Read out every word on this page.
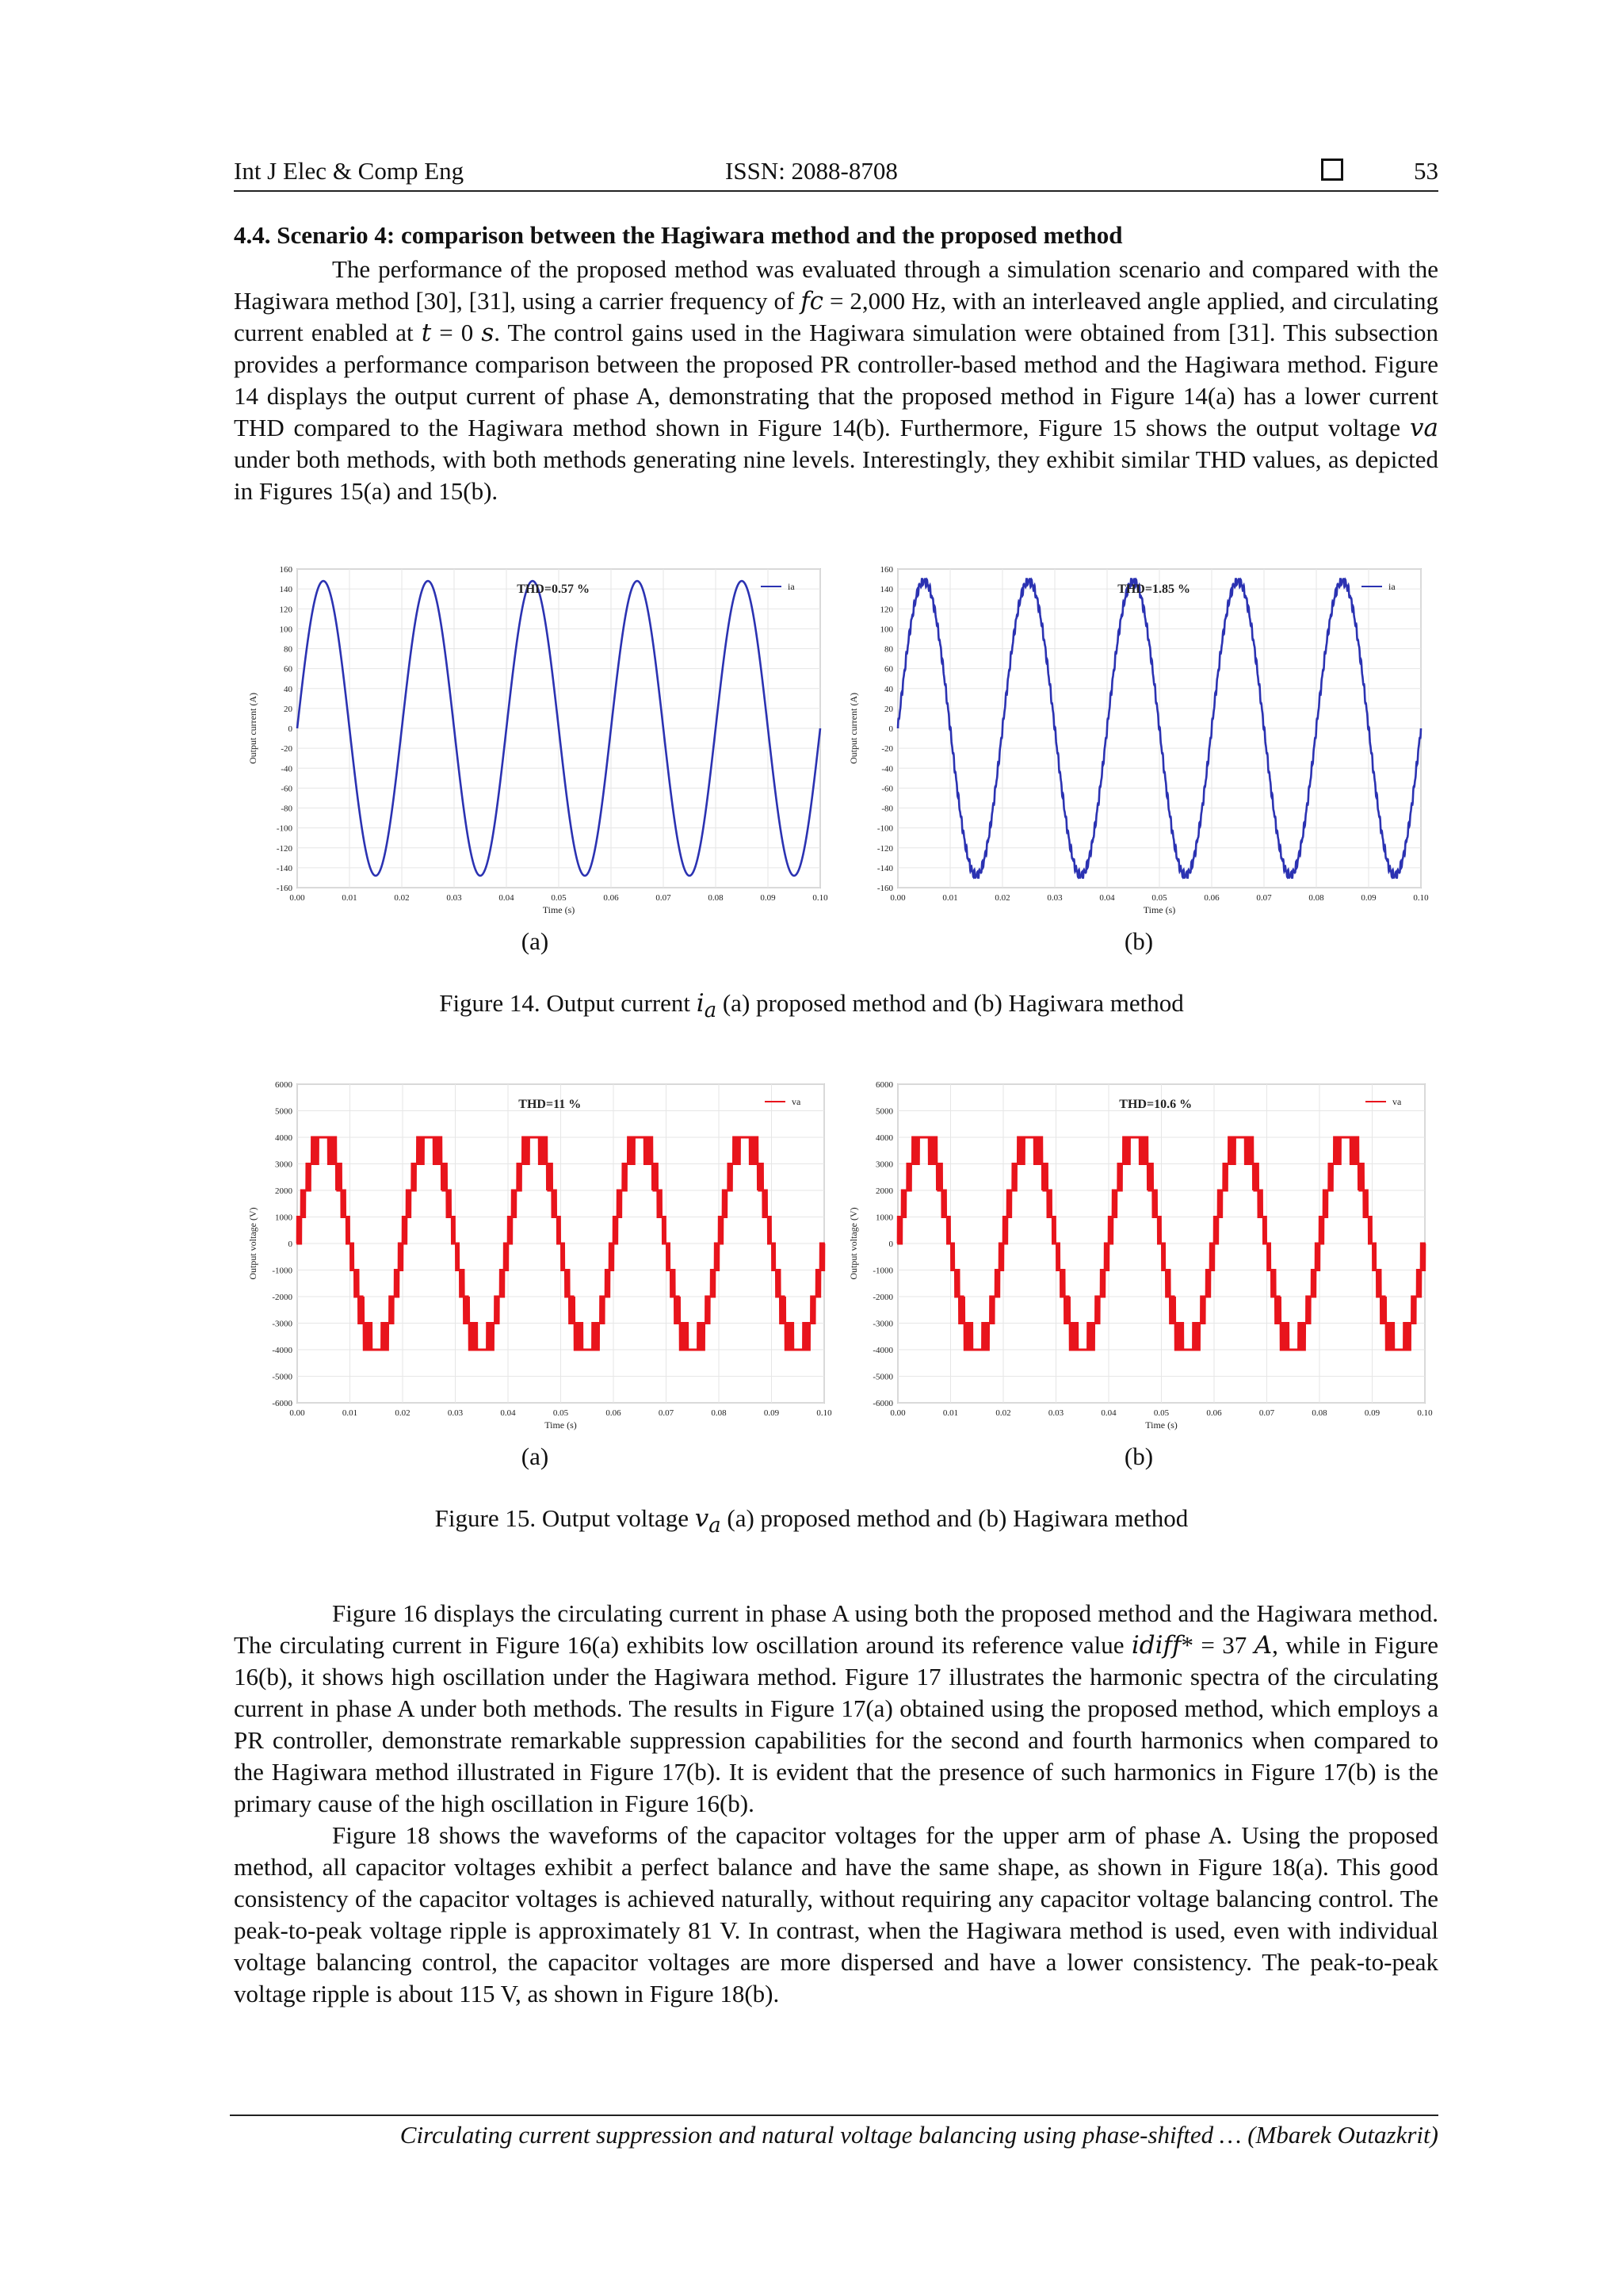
Int J Elec & Comp Eng	ISSN: 2088-8708	53
4.4. Scenario 4: comparison between the Hagiwara method and the proposed method

The performance of the proposed method was evaluated through a simulation scenario and compared with the Hagiwara method [30], [31], using a carrier frequency of 𝑓𝑐 = 2,000 Hz, with an interleaved angle applied, and circulating current enabled at 𝑡 = 0 𝑠. The control gains used in the Hagiwara simulation were obtained from [31]. This subsection provides a performance comparison between the proposed PR controller-based method and the Hagiwara method. Figure 14 displays the output current of phase A, demonstrating that the proposed method in Figure 14(a) has a lower current THD compared to the Hagiwara method shown in Figure 14(b). Furthermore, Figure 15 shows the output voltage 𝑣𝑎 under both methods, with both methods generating nine levels. Interestingly, they exhibit similar THD values, as depicted in Figures 15(a) and 15(b).

160
140
120
100
80
60
40
20
0
-20
-40
-60
-80
-100
-120
-140
-160
0.00	0.01	0.02	0.03	0.04	0.05	0.06	0.07	0.08	0.09	0.10
Time (s)
Output current (A)
ia
THD=0.57 %
160
140
120
100
80
60
40
20
0
-20
-40
-60
-80
-100
-120
-140
-160
0.00	0.01	0.02	0.03	0.04	0.05	0.06	0.07	0.08	0.09	0.10
Time (s)
Output current (A)
ia
THD=1.85 %
(a)	(b)
Figure 14. Output current 𝑖$_𝑎$ (a) proposed method and (b) Hagiwara method
6000
5000
4000
3000
2000
1000
0
-1000
-2000
-3000
-4000
-5000
-6000
0.00	0.01	0.02	0.03	0.04	0.05	0.06	0.07	0.08	0.09	0.10
Time (s)
Output voltage (V)
va
THD=11 %
6000
5000
4000
3000
2000
1000
0
-1000
-2000
-3000
-4000
-5000
-6000
0.00	0.01	0.02	0.03	0.04	0.05	0.06	0.07	0.08	0.09	0.10
Time (s)
Output voltage (V)
va
THD=10.6 %
(a)	(b)
Figure 15. Output voltage 𝑣$_𝑎$ (a) proposed method and (b) Hagiwara method

Figure 16 displays the circulating current in phase A using both the proposed method and the Hagiwara method. The circulating current in Figure 16(a) exhibits low oscillation around its reference value 𝑖𝑑𝑖𝑓𝑓* = 37 𝐴, while in Figure 16(b), it shows high oscillation under the Hagiwara method. Figure 17 illustrates the harmonic spectra of the circulating current in phase A under both methods. The results in Figure 17(a) obtained using the proposed method, which employs a PR controller, demonstrate remarkable suppression capabilities for the second and fourth harmonics when compared to the Hagiwara method illustrated in Figure 17(b). It is evident that the presence of such harmonics in Figure 17(b) is the primary cause of the high oscillation in Figure 16(b).

Figure 18 shows the waveforms of the capacitor voltages for the upper arm of phase A. Using the proposed method, all capacitor voltages exhibit a perfect balance and have the same shape, as shown in Figure 18(a). This good consistency of the capacitor voltages is achieved naturally, without requiring any capacitor voltage balancing control. The peak-to-peak voltage ripple is approximately 81 V. In contrast, when the Hagiwara method is used, even with individual voltage balancing control, the capacitor voltages are more dispersed and have a lower consistency. The peak-to-peak voltage ripple is about 115 V, as shown in Figure 18(b).

Circulating current suppression and natural voltage balancing using phase-shifted … (Mbarek Outazkrit)
